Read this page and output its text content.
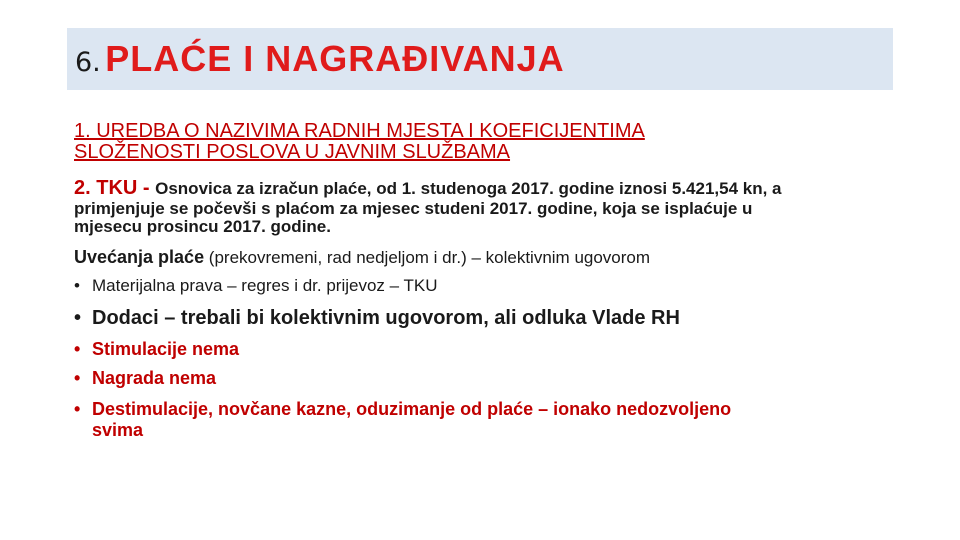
6. PLAĆE I NAGRAĐIVANJA
1. UREDBA O NAZIVIMA RADNIH MJESTA I KOEFICIJENTIMA
SLOŽENOSTI POSLOVA U JAVNIM SLUŽBAMA
2. TKU - Osnovica za izračun plaće, od 1. studenoga 2017. godine iznosi 5.421,54 kn, a
primjenjuje se počevši s plaćom za mjesec studeni 2017. godine, koja se isplaćuje u
mjesecu prosincu 2017. godine.
Uvećanja plaće (prekovremeni, rad nedjeljom i dr.) – kolektivnim ugovorom
• Materijalna prava – regres i dr. prijevoz – TKU
• Dodaci – trebali bi kolektivnim ugovorom, ali odluka Vlade RH
• Stimulacije nema
• Nagrada nema
• Destimulacije, novčane kazne, oduzimanje od plaće – ionako nedozvoljeno
svima
